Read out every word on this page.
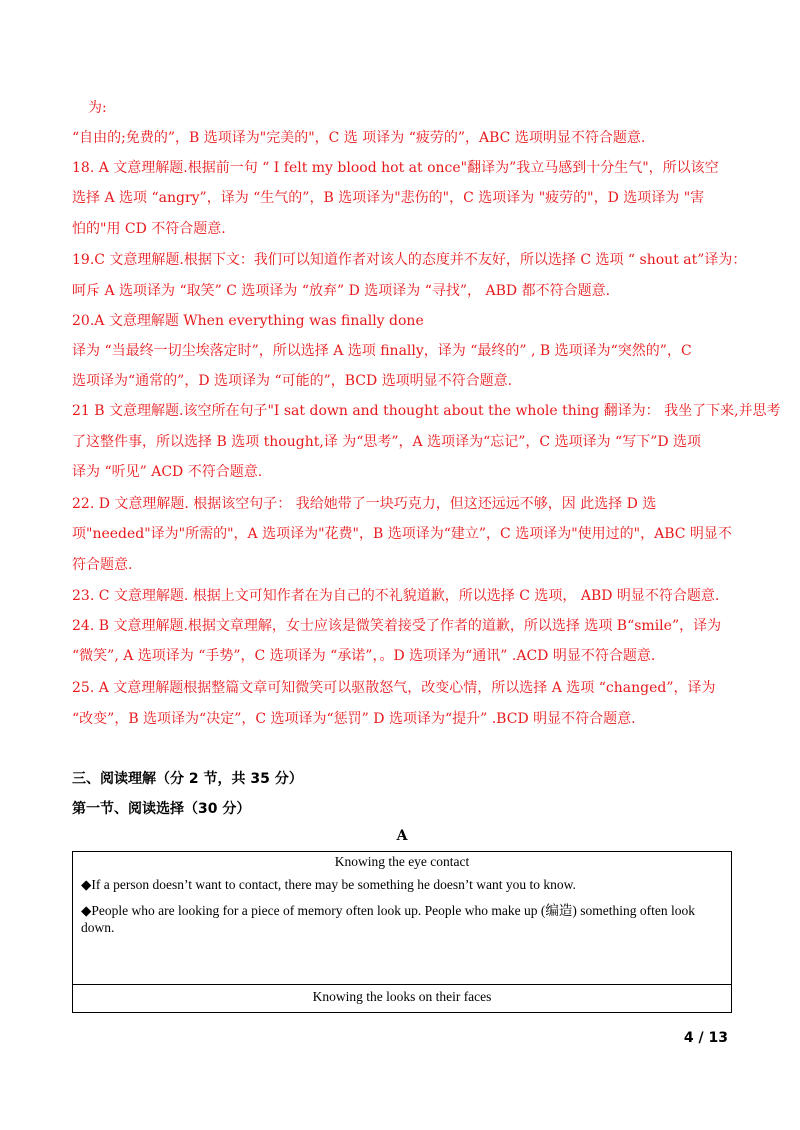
为:
“自由的;免费的”，B 选项译为"完美的"，C 选 项译为 “疲劳的”，ABC 选项明显不符合题意.
18. A 文意理解题.根据前一句 “ I felt my blood hot at once"翻译为”我立马感到十分生气"，所以该空
选择 A 选项 “angry”，译为 “生气的”，B 选项译为"悲伤的"，C 选项译为 "疲劳的"，D 选项译为 "害
怕的"用 CD 不符合题意.
19.C 文意理解题.根据下文：我们可以知道作者对该人的态度并不友好，所以选择 C 选项 “ shout at”译为：
呵斥 A 选项译为 “取笑” C 选项译为 “放弃” D 选项译为 “寻找”， ABD 都不符合题意.
20.A 文意理解题 When everything was finally done
译为 “当最终一切尘埃落定时”，所以选择 A 选项 finally，译为 “最终的” , B 选项译为“突然的”，C
选项译为“通常的”，D 选项译为 “可能的”，BCD 选项明显不符合题意.
21 B 文意理解题.该空所在句子"I sat down and thought about the whole thing 翻译为： 我坐了下来,并思考
了这整件事，所以选择 B 选项 thought,译 为“思考”，A 选项译为“忘记”，C 选项译为 “写下”D 选项
译为 “听见” ACD 不符合题意.
22. D 文意理解题. 根据该空句子： 我给她带了一块巧克力，但这还远远不够，因 此选择 D 选
项"needed"译为"所需的"，A 选项译为"花费"，B 选项译为“建立”，C 选项译为"使用过的"，ABC 明显不
符合题意.
23. C 文意理解题. 根据上文可知作者在为自己的不礼貌道歉，所以选择 C 选项， ABD 明显不符合题意.
24. B 文意理解题.根据文章理解，女士应该是微笑着接受了作者的道歉，所以选择 选项 B“smile”，译为
“微笑”, A 选项译为 “手势”，C 选项译为 “承诺”，。D 选项译为“通讯” .ACD 明显不符合题意.
25. A 文意理解题根据整篇文章可知微笑可以驱散怒气，改变心情，所以选择 A 选项 “changed”，译为
“改变”，B 选项译为“决定”，C 选项译为“惩罚” D 选项译为“提升” .BCD 明显不符合题意.
三、阅读理解（分 2 节，共 35 分）
第一节、阅读选择（30 分）
A
Knowing the eye contact
◆If a person doesn’t want to contact, there may be something he doesn’t want you to know.
◆People who are looking for a piece of memory often look up. People who make up (编造) something often look down.
Knowing the looks on their faces
4 / 13
